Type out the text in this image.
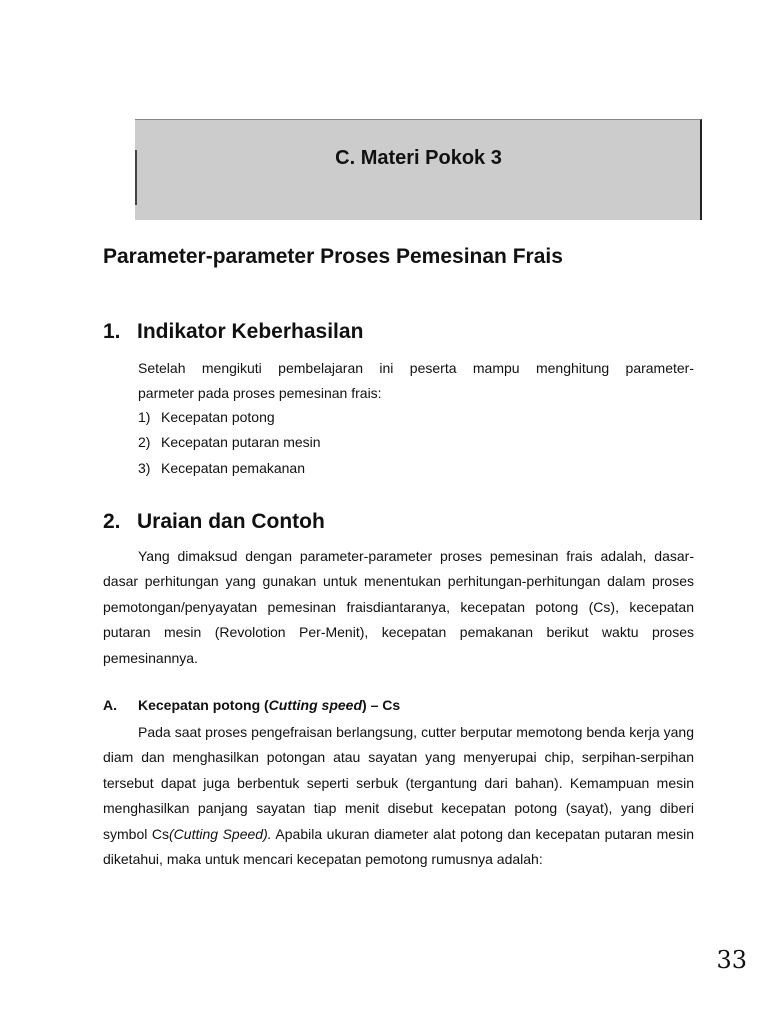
C. Materi Pokok 3
Parameter-parameter Proses Pemesinan Frais
1. Indikator Keberhasilan
Setelah mengikuti pembelajaran ini peserta mampu menghitung parameter-
parmeter pada proses pemesinan frais:
1) Kecepatan potong
2) Kecepatan putaran mesin
3) Kecepatan pemakanan
2. Uraian dan Contoh
Yang dimaksud dengan parameter-parameter proses pemesinan frais adalah, dasar-dasar perhitungan yang gunakan untuk menentukan perhitungan-perhitungan dalam proses pemotongan/penyayatan pemesinan fraisdiantaranya, kecepatan potong (Cs), kecepatan putaran mesin (Revolotion Per-Menit), kecepatan pemakanan berikut waktu proses pemesinannya.
A.	Kecepatan potong (Cutting speed) – Cs
Pada saat proses pengefraisan berlangsung, cutter berputar memotong benda kerja yang diam dan menghasilkan potongan atau sayatan yang menyerupai chip, serpihan-serpihan tersebut dapat juga berbentuk seperti serbuk (tergantung dari bahan). Kemampuan mesin menghasilkan panjang sayatan tiap menit disebut kecepatan potong (sayat), yang diberi symbol Cs(Cutting Speed). Apabila ukuran diameter alat potong dan kecepatan putaran mesin diketahui, maka untuk mencari kecepatan pemotong rumusnya adalah:
33
